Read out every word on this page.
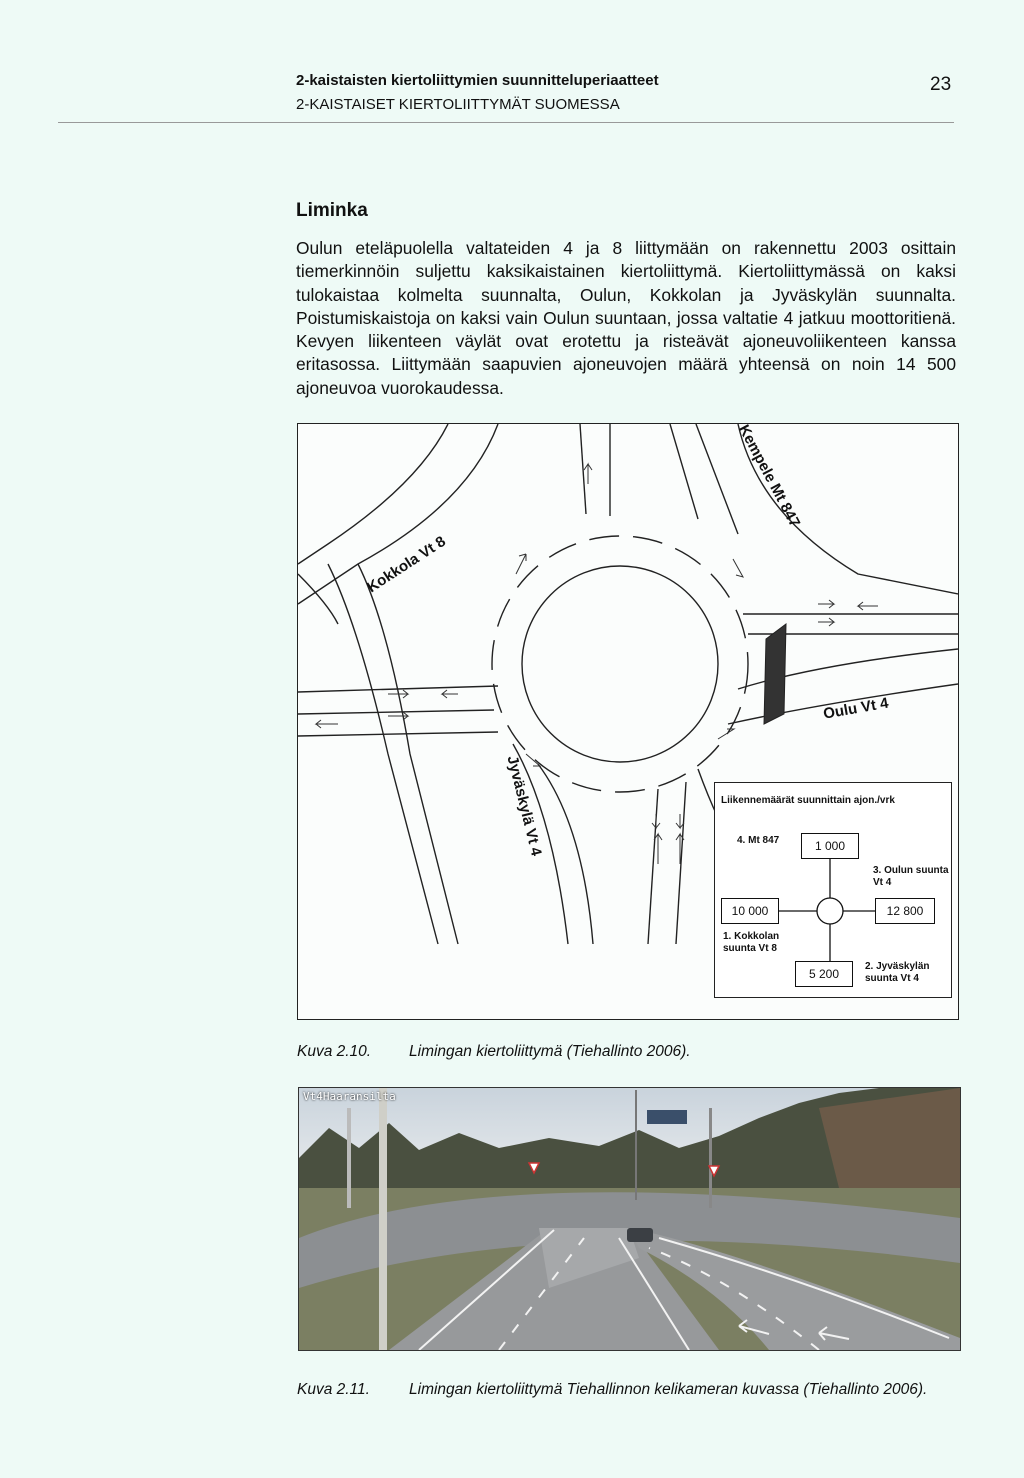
2-kaistaisten kiertoliittymien suunnitteluperiaatteet
2-KAISTAISET KIERTOLIITTYMÄT SUOMESSA
23
Liminka

Oulun eteläpuolella valtateiden 4 ja 8 liittymään on rakennettu 2003 osittain tiemerkinnöin suljettu kaksikaistainen kiertoliittymä. Kiertoliittymässä on kaksi tulokaistaa kolmelta suunnalta, Oulun, Kokkolan ja Jyväskylän suunnalta. Poistumiskaistoja on kaksi vain Oulun suuntaan, jossa valtatie 4 jatkuu moottoritienä. Kevyen liikenteen väylät ovat erotettu ja risteävät ajoneuvoliikenteen kanssa eritasossa. Liittymään saapuvien ajoneuvojen määrä yhteensä on noin 14 500 ajoneuvoa vuorokaudessa.

Kokkola Vt 8
Kempele Mt 847
Oulu Vt 4
Jyväskylä Vt 4	Liikennemäärät suunnittain ajon./vrk
4. Mt 847	1 000
3. Oulun suunta Vt 4
12 800
10 000
1. Kokkolan suunta Vt 8
5 200
2. Jyväskylän suunta Vt 4
Kuva 2.10. Limingan kiertoliittymä (Tiehallinto 2006).
Vt4Haaransilta
Kuva 2.11.	Limingan kiertoliittymä Tiehallinnon kelikameran kuvassa (Tiehallinto 2006).
